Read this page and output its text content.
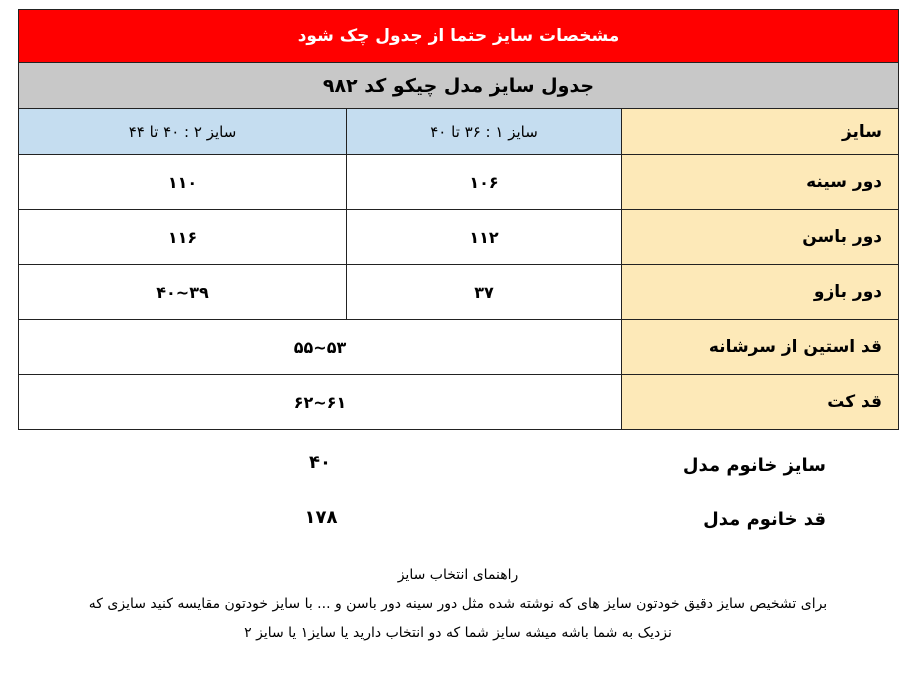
مشخصات سایز حتما از جدول چک شود		
جدول سایز مدل چیکو کد ۹۸۲		
سایز	سایز ۱ : ۳۶ تا ۴۰	سایز ۲ : ۴۰ تا ۴۴
دور سینه	۱۰۶	۱۱۰
دور باسن	۱۱۲	۱۱۶
دور بازو	۳۷	۳۹~۴۰
قد استین از سرشانه	۵۳~۵۵	
قد کت	۶۱~۶۲	
سایز خانوم مدل
۴۰
قد خانوم مدل
۱۷۸
راهنمای انتخاب سایز
برای تشخیص سایز دقیق خودتون سایز های که نوشته شده مثل دور سینه دور باسن و ... با سایز خودتون مقایسه کنید سایزی که
نزدیک به شما باشه میشه سایز شما که دو انتخاب دارید یا سایز۱ یا سایز ۲
